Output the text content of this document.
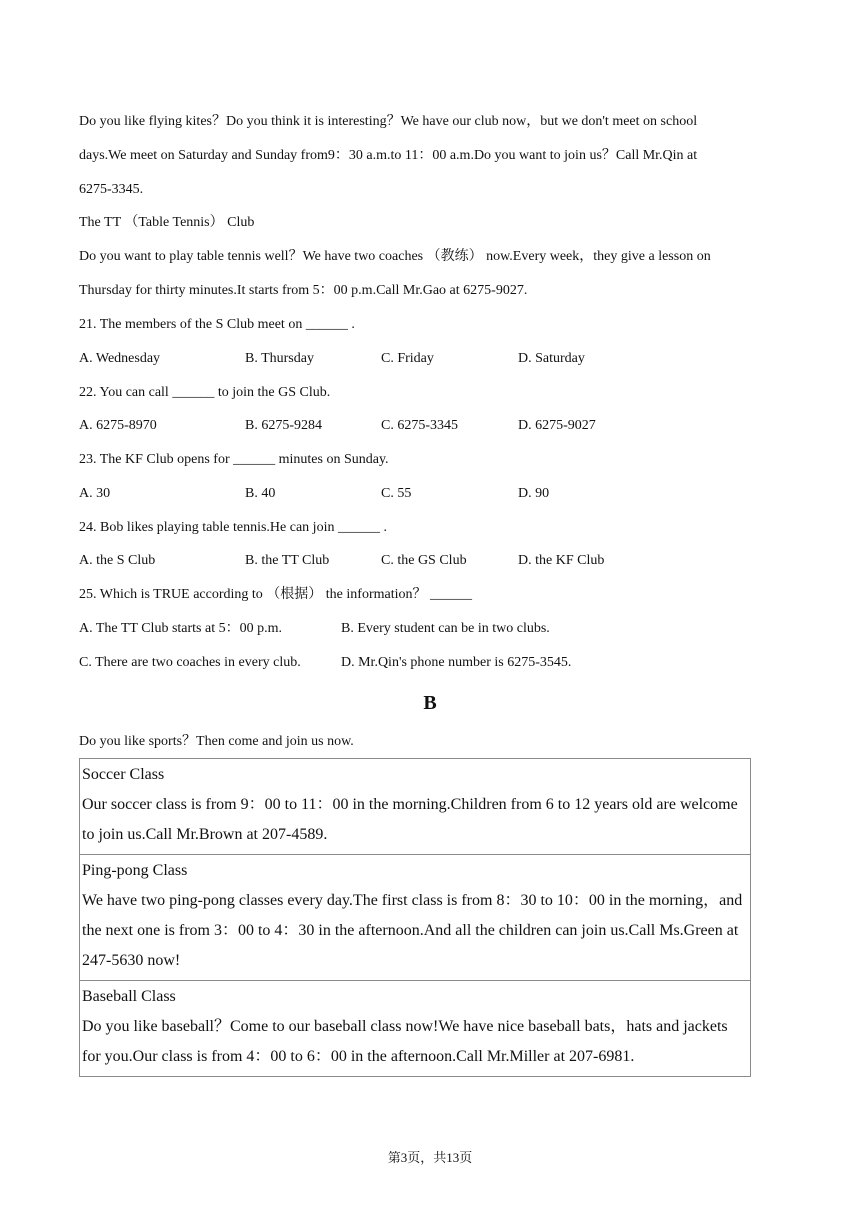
Do you like flying kites？Do you think it is interesting？We have our club now，but we don't meet on school
days.We meet on Saturday and Sunday from9：30 a.m.to 11：00 a.m.Do you want to join us？Call Mr.Qin at
6275-3345.
The TT （Table Tennis） Club
Do you want to play table tennis well？We have two coaches （教练） now.Every week，they give a lesson on
Thursday for thirty minutes.It starts from 5：00 p.m.Call Mr.Gao at 6275-9027.
21. The members of the S Club meet on ______ .
A. Wednesday	B. Thursday	C. Friday	D. Saturday
22. You can call ______ to join the GS Club.
A. 6275-8970	B. 6275-9284	C. 6275-3345	D. 6275-9027
23. The KF Club opens for ______ minutes on Sunday.
A. 30	B. 40	C. 55	D. 90
24. Bob likes playing table tennis.He can join ______ .
A. the S Club	B. the TT Club	C. the GS Club	D. the KF Club
25. Which is TRUE according to （根据） the information？ ______
A. The TT Club starts at 5：00 p.m.	B. Every student can be in two clubs.
C. There are two coaches in every club.	D. Mr.Qin's phone number is 6275-3545.
B
Do you like sports？Then come and join us now.
Soccer Class
Our soccer class is from 9：00 to 11：00 in the morning.Children from 6 to 12 years old are welcome to join us.Call Mr.Brown at 207-4589.

Ping-pong Class
We have two ping-pong classes every day.The first class is from 8：30 to 10：00 in the morning，and the next one is from 3：00 to 4：30 in the afternoon.And all the children can join us.Call Ms.Green at 247-5630 now!

Baseball Class
Do you like baseball？Come to our baseball class now!We have nice baseball bats，hats and jackets for you.Our class is from 4：00 to 6：00 in the afternoon.Call Mr.Miller at 207-6981.
第3页，共13页
